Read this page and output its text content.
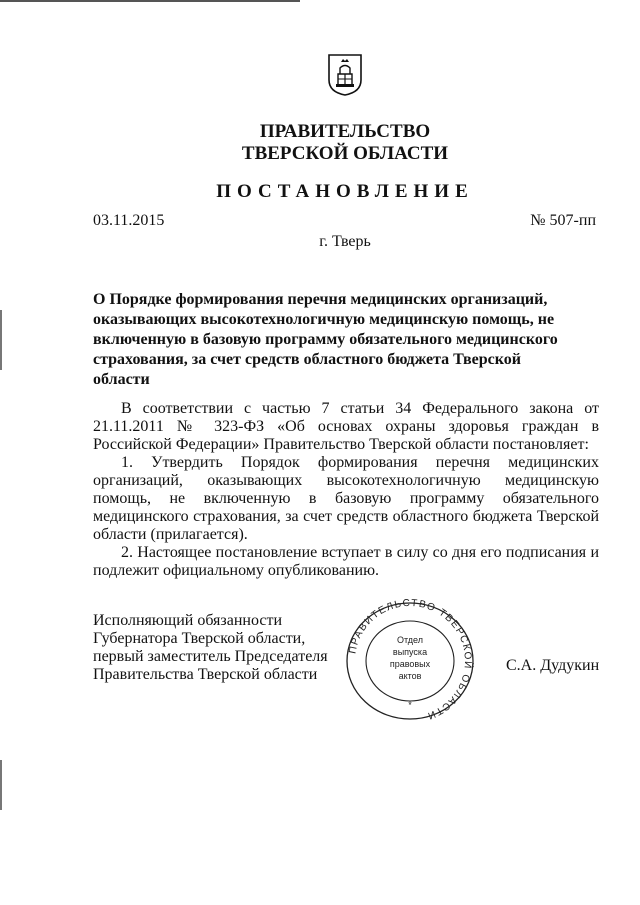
ПРАВИТЕЛЬСТВО
ТВЕРСКОЙ ОБЛАСТИ
ПОСТАНОВЛЕНИЕ
03.11.2015	№ 507-пп
г. Тверь
О Порядке формирования перечня медицинских организаций, оказывающих высокотехнологичную медицинскую помощь, не включенную в базовую программу обязательного медицинского страхования, за счет средств областного бюджета Тверской области

В соответствии с частью 7 статьи 34 Федерального закона от 21.11.2011 № 323-ФЗ «Об основах охраны здоровья граждан в Российской Федерации» Правительство Тверской области постановляет:

1. Утвердить Порядок формирования перечня медицинских организаций, оказывающих высокотехнологичную медицинскую помощь, не включенную в базовую программу обязательного медицинского страхования, за счет средств областного бюджета Тверской области (прилагается).

2. Настоящее постановление вступает в силу со дня его подписания и подлежит официальному опубликованию.

Исполняющий обязанности
Губернатора Тверской области,
первый заместитель Председателя
Правительства Тверской области
ПРАВИТЕЛЬСТВО ТВЕРСКОЙ ОБЛАСТИ
Отдел
выпуска
правовых
актов
*
С.А. Дудукин
